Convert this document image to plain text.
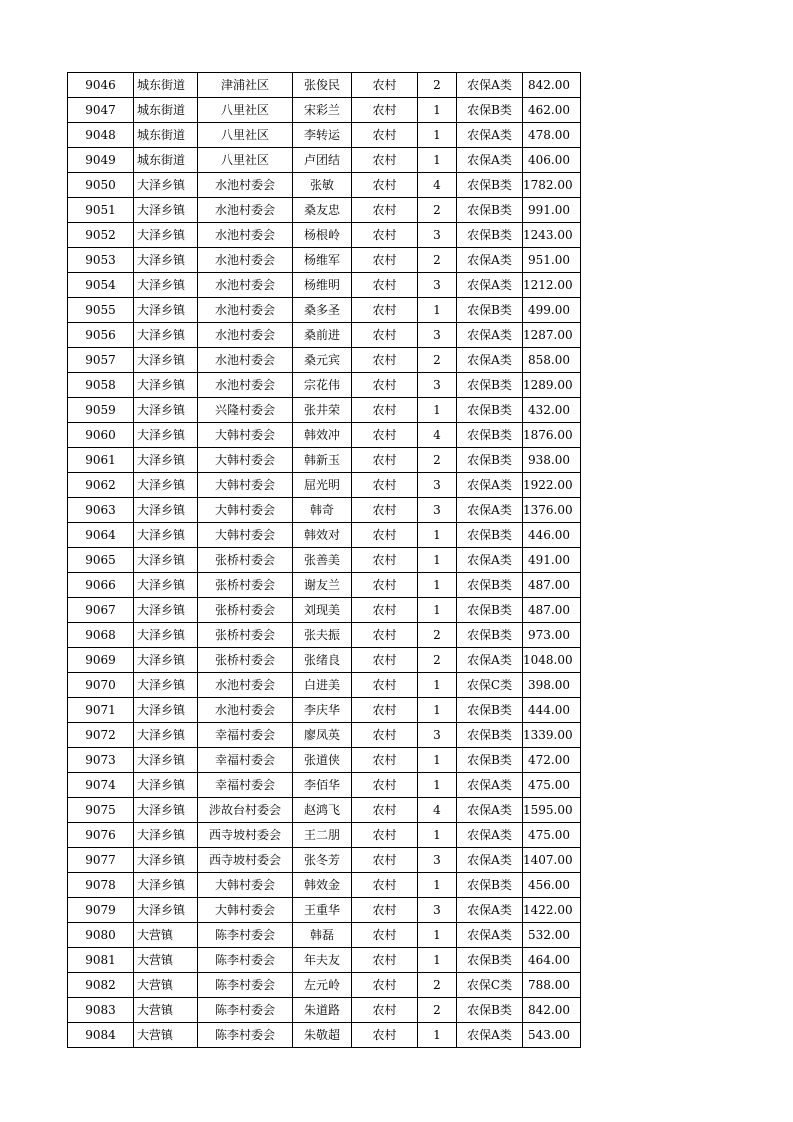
9046	城东街道	津浦社区	张俊民	农村	2	农保A类	842.00
9047	城东街道	八里社区	宋彩兰	农村	1	农保B类	462.00
9048	城东街道	八里社区	李转运	农村	1	农保A类	478.00
9049	城东街道	八里社区	卢团结	农村	1	农保A类	406.00
9050	大泽乡镇	水池村委会	张敏	农村	4	农保B类	1782.00
9051	大泽乡镇	水池村委会	桑友忠	农村	2	农保B类	991.00
9052	大泽乡镇	水池村委会	杨根岭	农村	3	农保B类	1243.00
9053	大泽乡镇	水池村委会	杨维军	农村	2	农保A类	951.00
9054	大泽乡镇	水池村委会	杨维明	农村	3	农保A类	1212.00
9055	大泽乡镇	水池村委会	桑多圣	农村	1	农保B类	499.00
9056	大泽乡镇	水池村委会	桑前进	农村	3	农保A类	1287.00
9057	大泽乡镇	水池村委会	桑元宾	农村	2	农保A类	858.00
9058	大泽乡镇	水池村委会	宗花伟	农村	3	农保B类	1289.00
9059	大泽乡镇	兴隆村委会	张井荣	农村	1	农保B类	432.00
9060	大泽乡镇	大韩村委会	韩效冲	农村	4	农保B类	1876.00
9061	大泽乡镇	大韩村委会	韩新玉	农村	2	农保B类	938.00
9062	大泽乡镇	大韩村委会	屈光明	农村	3	农保A类	1922.00
9063	大泽乡镇	大韩村委会	韩奇	农村	3	农保A类	1376.00
9064	大泽乡镇	大韩村委会	韩效对	农村	1	农保B类	446.00
9065	大泽乡镇	张桥村委会	张善美	农村	1	农保A类	491.00
9066	大泽乡镇	张桥村委会	谢友兰	农村	1	农保B类	487.00
9067	大泽乡镇	张桥村委会	刘现美	农村	1	农保B类	487.00
9068	大泽乡镇	张桥村委会	张夫振	农村	2	农保B类	973.00
9069	大泽乡镇	张桥村委会	张绪良	农村	2	农保A类	1048.00
9070	大泽乡镇	水池村委会	白进美	农村	1	农保C类	398.00
9071	大泽乡镇	水池村委会	李庆华	农村	1	农保B类	444.00
9072	大泽乡镇	幸福村委会	廖凤英	农村	3	农保B类	1339.00
9073	大泽乡镇	幸福村委会	张道侠	农村	1	农保B类	472.00
9074	大泽乡镇	幸福村委会	李佰华	农村	1	农保A类	475.00
9075	大泽乡镇	涉故台村委会	赵鸿飞	农村	4	农保A类	1595.00
9076	大泽乡镇	西寺坡村委会	王二朋	农村	1	农保A类	475.00
9077	大泽乡镇	西寺坡村委会	张冬芳	农村	3	农保A类	1407.00
9078	大泽乡镇	大韩村委会	韩效金	农村	1	农保B类	456.00
9079	大泽乡镇	大韩村委会	王重华	农村	3	农保A类	1422.00
9080	大营镇	陈李村委会	韩磊	农村	1	农保A类	532.00
9081	大营镇	陈李村委会	年夫友	农村	1	农保B类	464.00
9082	大营镇	陈李村委会	左元岭	农村	2	农保C类	788.00
9083	大营镇	陈李村委会	朱道路	农村	2	农保B类	842.00
9084	大营镇	陈李村委会	朱敬超	农村	1	农保A类	543.00
